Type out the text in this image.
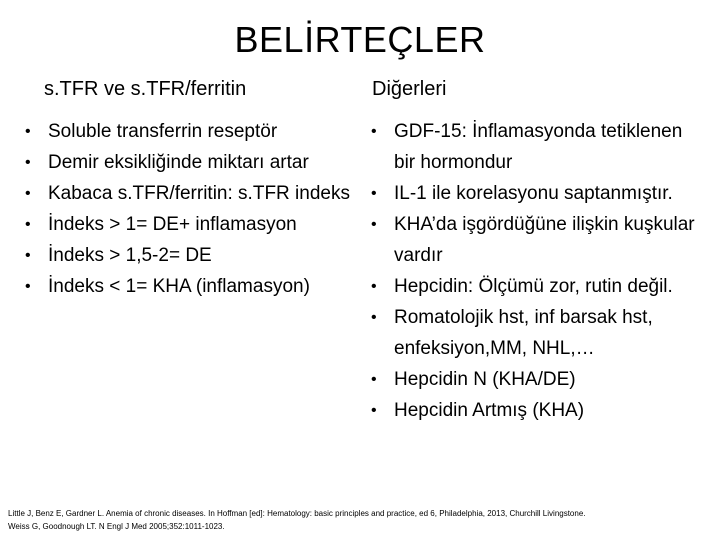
BELİRTEÇLER
s.TFR ve s.TFR/ferritin	Diğerleri
• Soluble transferrin reseptör
• Demir eksikliğinde miktarı artar
• Kabaca s.TFR/ferritin: s.TFR indeks
• İndeks > 1= DE+ inflamasyon
• İndeks > 1,5-2= DE
• İndeks < 1= KHA (inflamasyon)
• GDF-15: İnflamasyonda tetiklenen bir hormondur
• IL-1 ile korelasyonu saptanmıştır.
• KHA’da işgördüğüne ilişkin kuşkular vardır
• Hepcidin: Ölçümü zor, rutin değil.
• Romatolojik hst, inf barsak hst, enfeksiyon,MM, NHL,…
• Hepcidin N (KHA/DE)
• Hepcidin Artmış (KHA)
Little J, Benz E, Gardner L. Anemia of chronic diseases. In Hoffman [ed]: Hematology: basic principles and practice, ed 6, Philadelphia, 2013, Churchill Livingstone.
Weiss G, Goodnough LT. N Engl J Med 2005;352:1011-1023.
